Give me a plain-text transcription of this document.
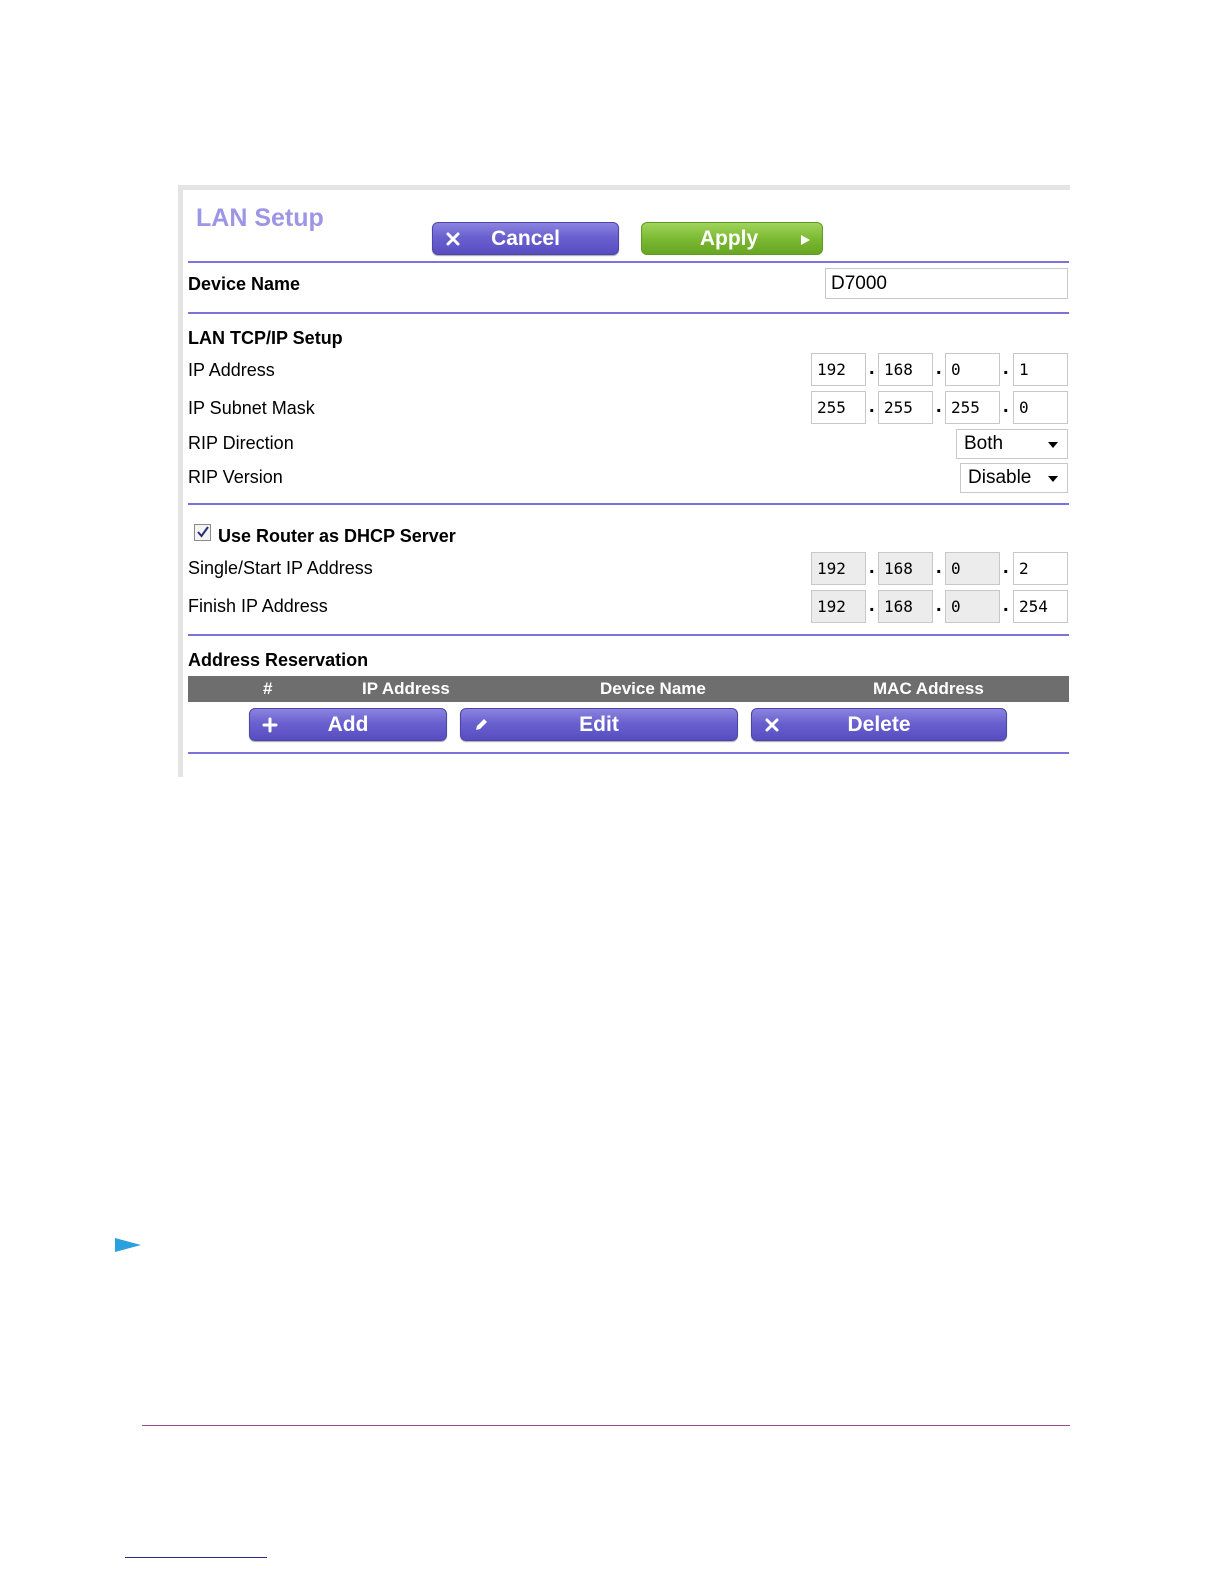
LAN Setup
Cancel	Apply
Device Name	D7000
LAN TCP/IP Setup
IP Address	192	. 168	. 0	. 1
IP Subnet Mask	255	. 255	. 255	. 0
RIP Direction	Both
RIP Version	Disable
Use Router as DHCP Server
Single/Start IP Address	192	. 168	. 0	. 2
Finish IP Address	192	. 168	. 0	. 254
Address Reservation
#	IP Address	Device Name	MAC Address
Add	Edit	Delete
